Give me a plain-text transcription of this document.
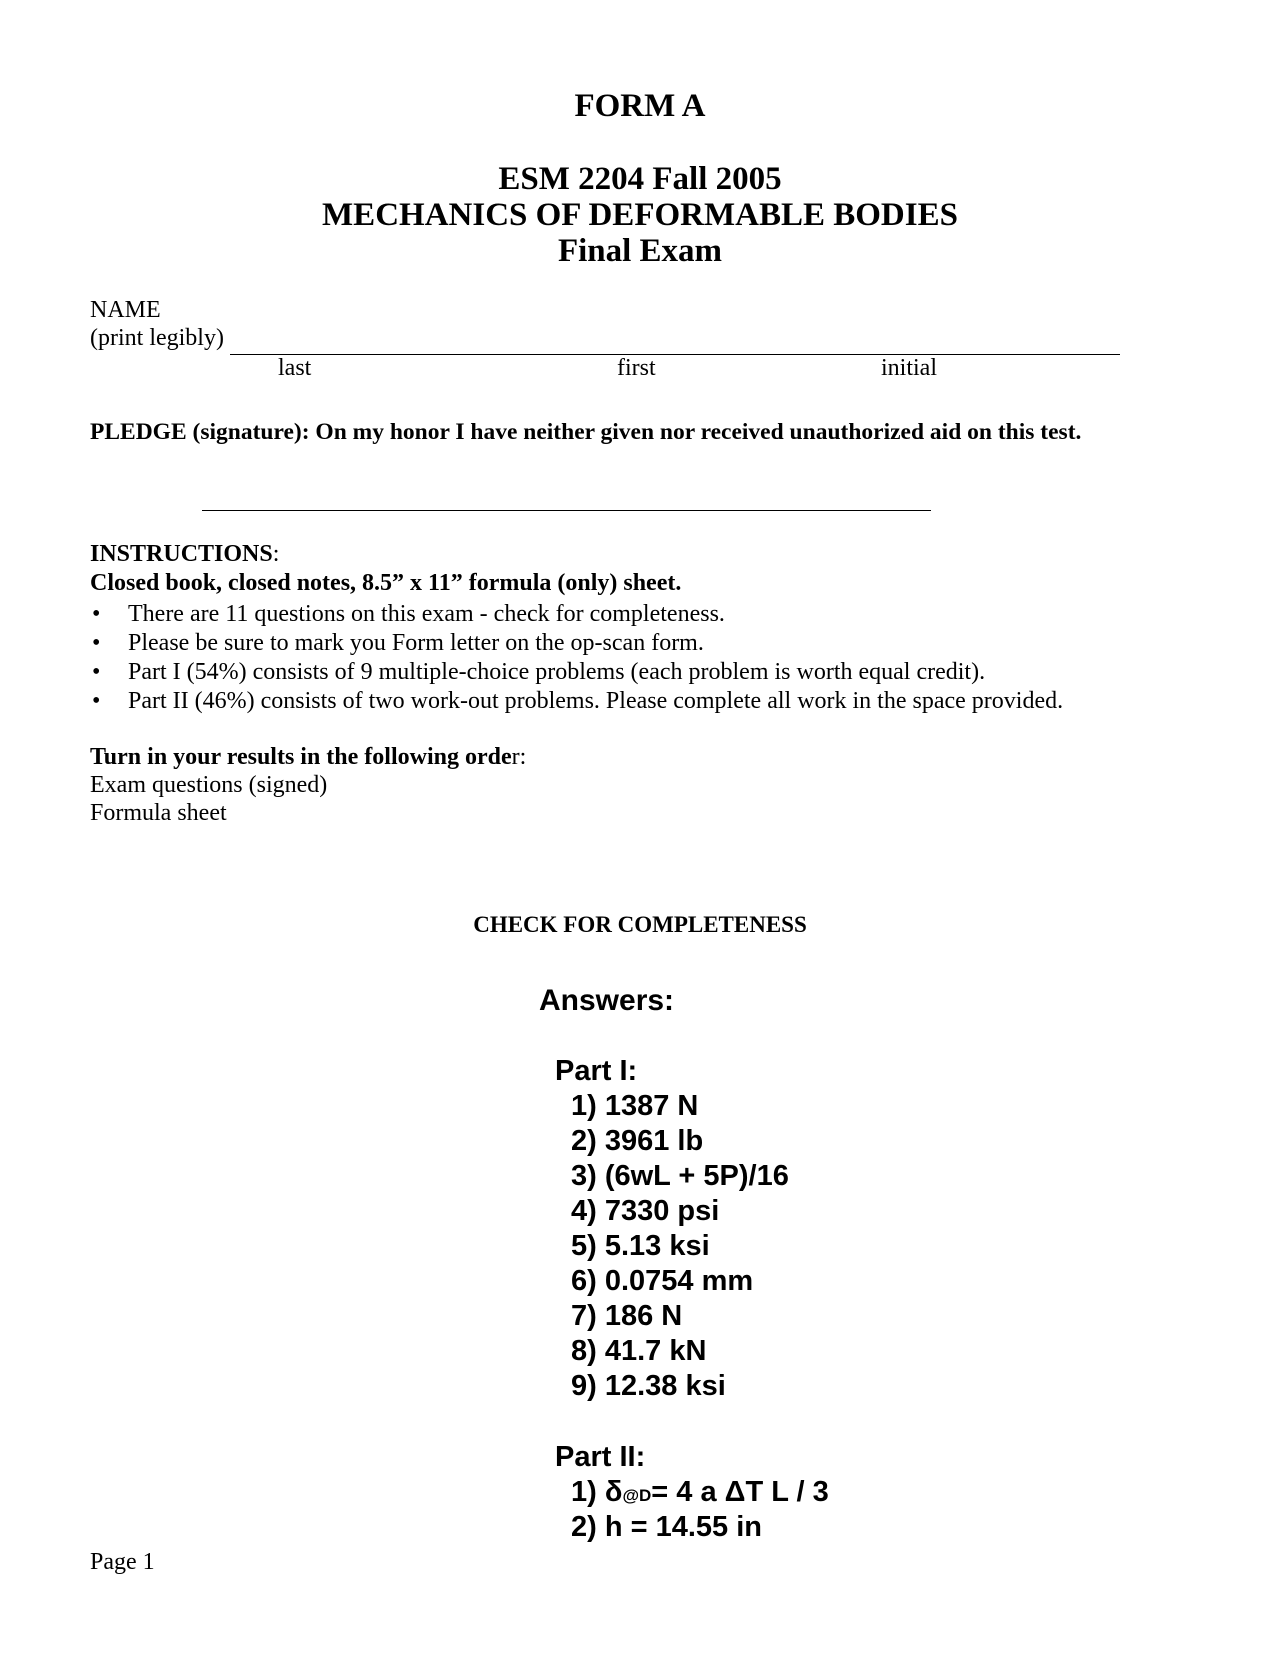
FORM A
ESM 2204 Fall 2005
MECHANICS OF DEFORMABLE BODIES
Final Exam
NAME
(print legibly)
last	first	initial
PLEDGE (signature): On my honor I have neither given nor received unauthorized aid on this test.
INSTRUCTIONS:
Closed book, closed notes, 8.5” x 11” formula (only) sheet.
• There are 11 questions on this exam - check for completeness.
• Please be sure to mark you Form letter on the op-scan form.
• Part I (54%) consists of 9 multiple-choice problems (each problem is worth equal credit).
• Part II (46%) consists of two work-out problems. Please complete all work in the space provided.
Turn in your results in the following order:
Exam questions (signed)
Formula sheet
CHECK FOR COMPLETENESS
Answers:
Part I:
1) 1387 N
2) 3961 lb
3) (6wL + 5P)/16
4) 7330 psi
5) 5.13 ksi
6) 0.0754 mm
7) 186 N
8) 41.7 kN
9) 12.38 ksi
Part II:
1) δ@D= 4 a ΔT L / 3
2) h = 14.55 in
Page 1
